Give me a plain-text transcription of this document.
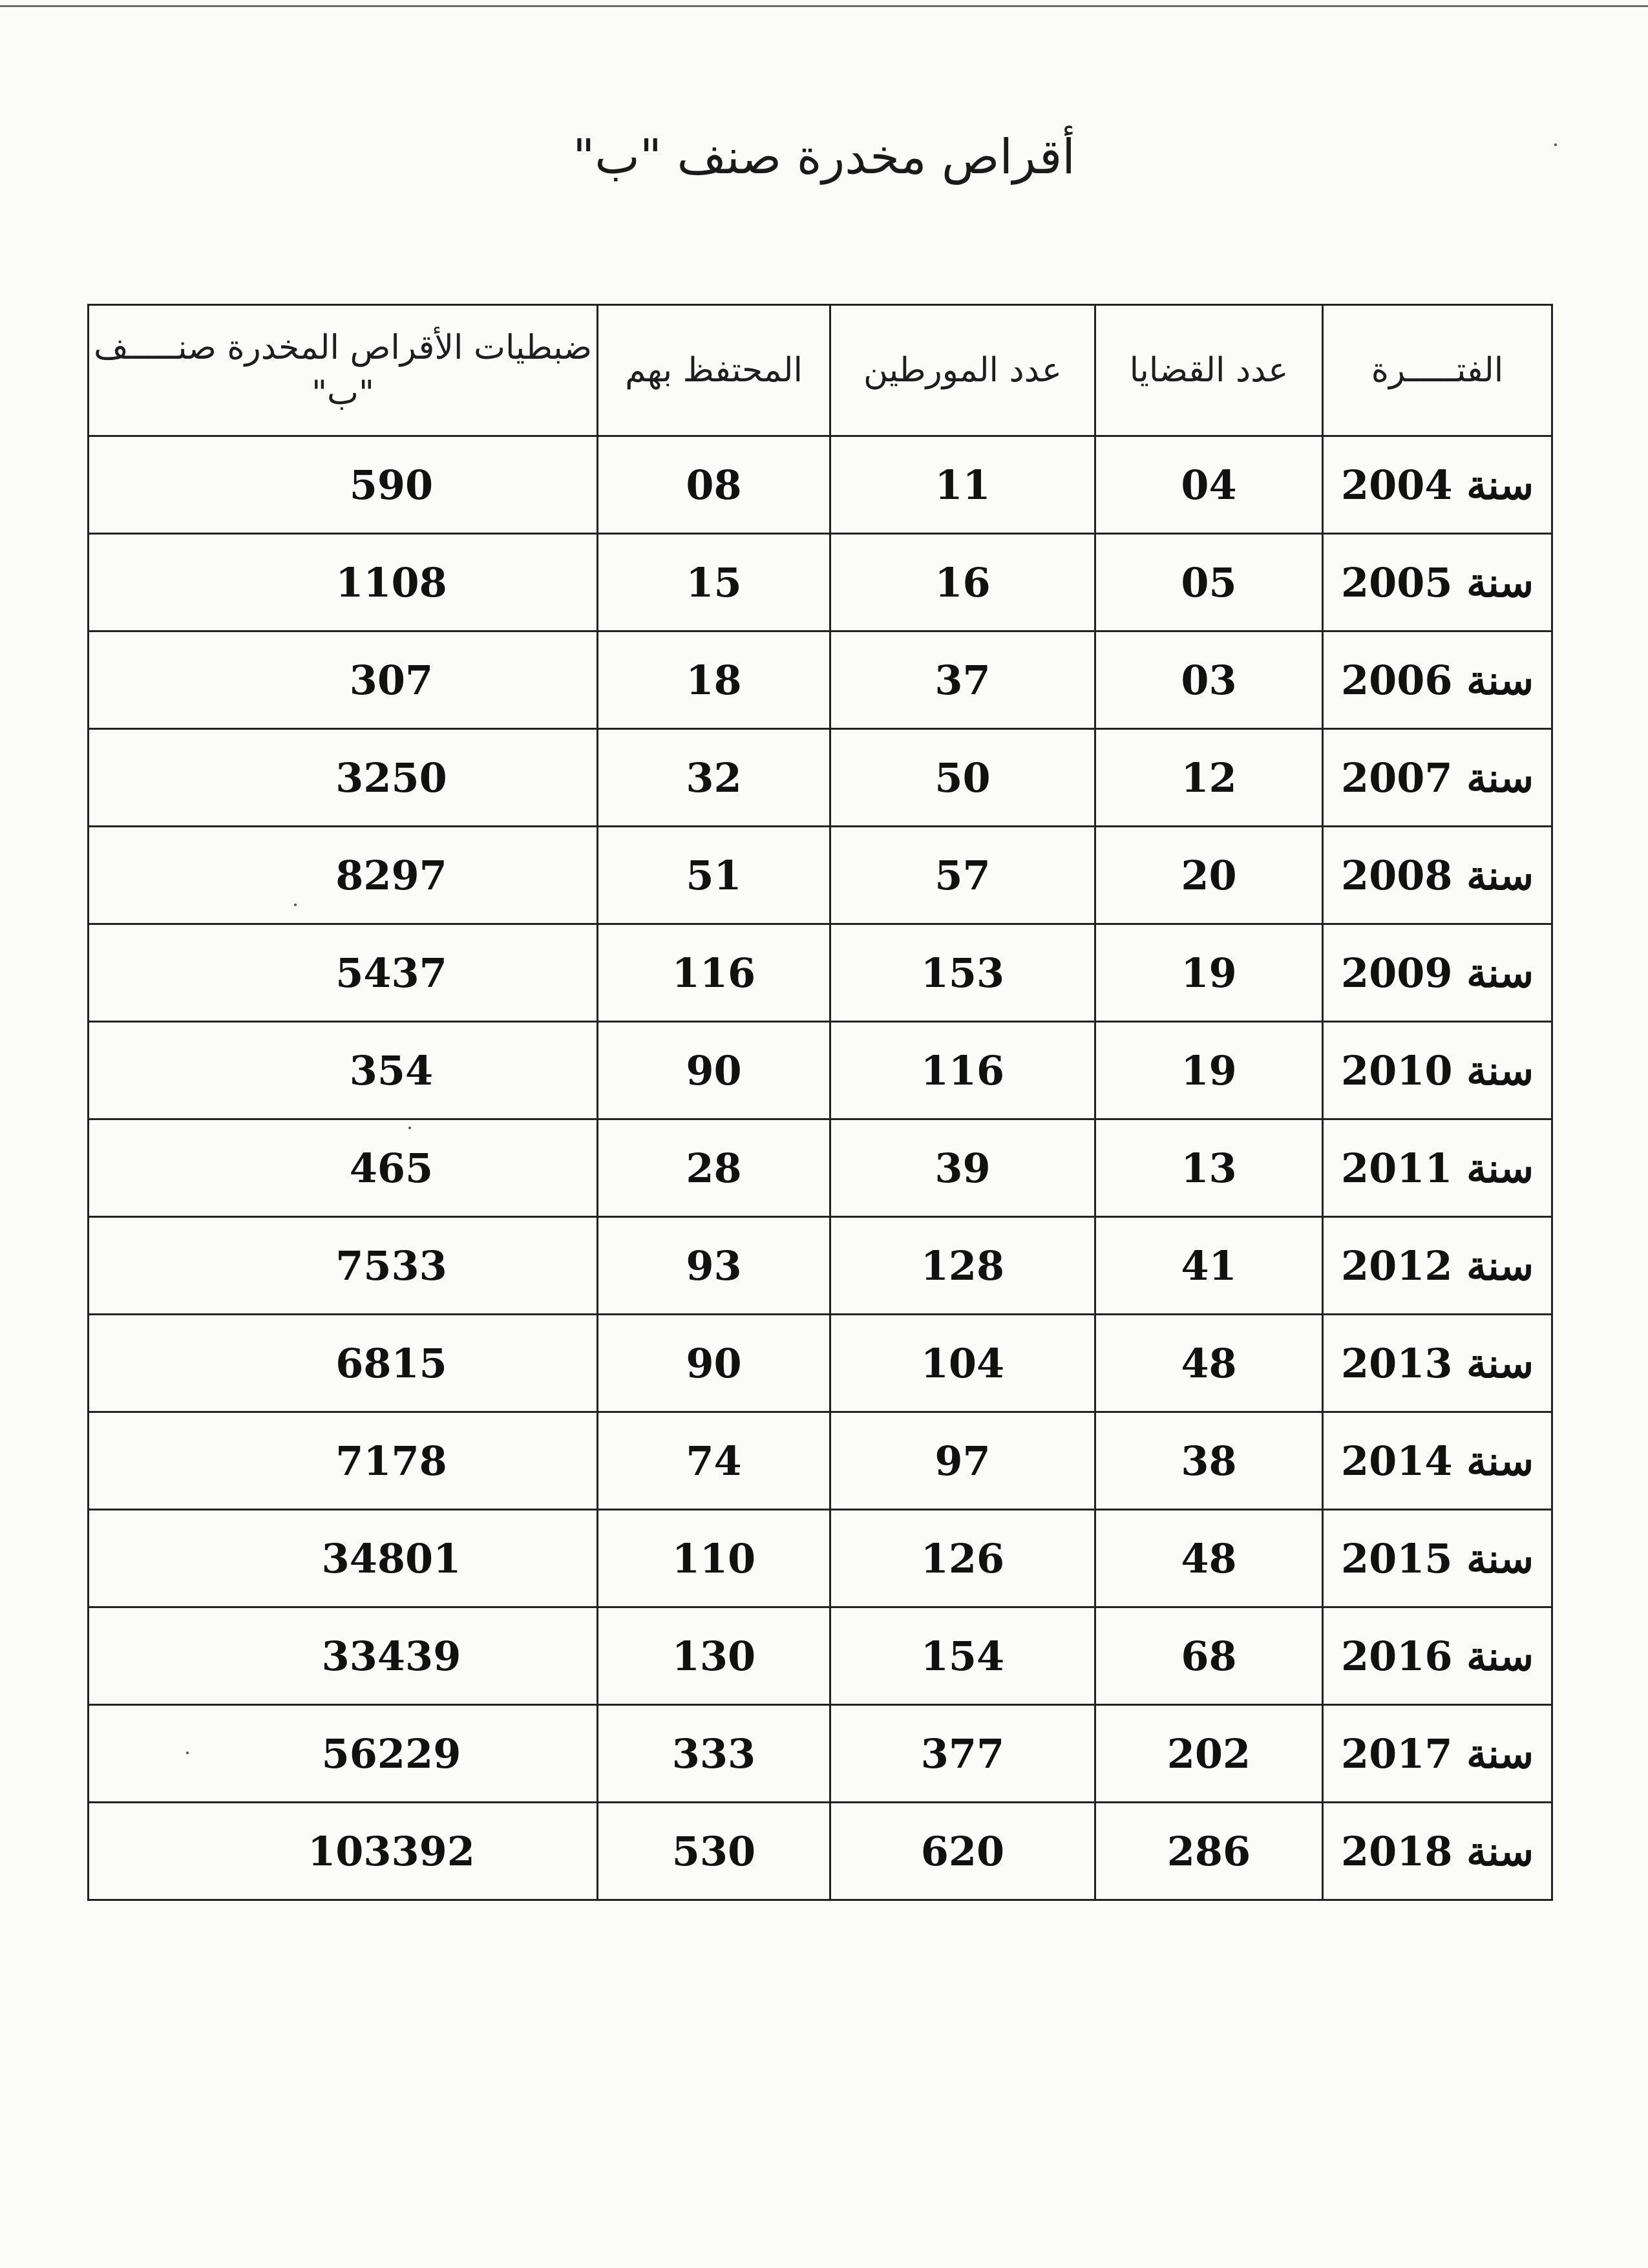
أقراص مخدرة صنف "ب"
الفتـــــرة	عدد القضايا	عدد المورطين	المحتفظ بهم	ضبطيات الأقراص المخدرة صنـــــف "ب"
سنة 2004	04	11	08	590
سنة 2005	05	16	15	1108
سنة 2006	03	37	18	307
سنة 2007	12	50	32	3250
سنة 2008	20	57	51	8297
سنة 2009	19	153	116	5437
سنة 2010	19	116	90	354
سنة 2011	13	39	28	465
سنة 2012	41	128	93	7533
سنة 2013	48	104	90	6815
سنة 2014	38	97	74	7178
سنة 2015	48	126	110	34801
سنة 2016	68	154	130	33439
سنة 2017	202	377	333	56229
سنة 2018	286	620	530	103392
